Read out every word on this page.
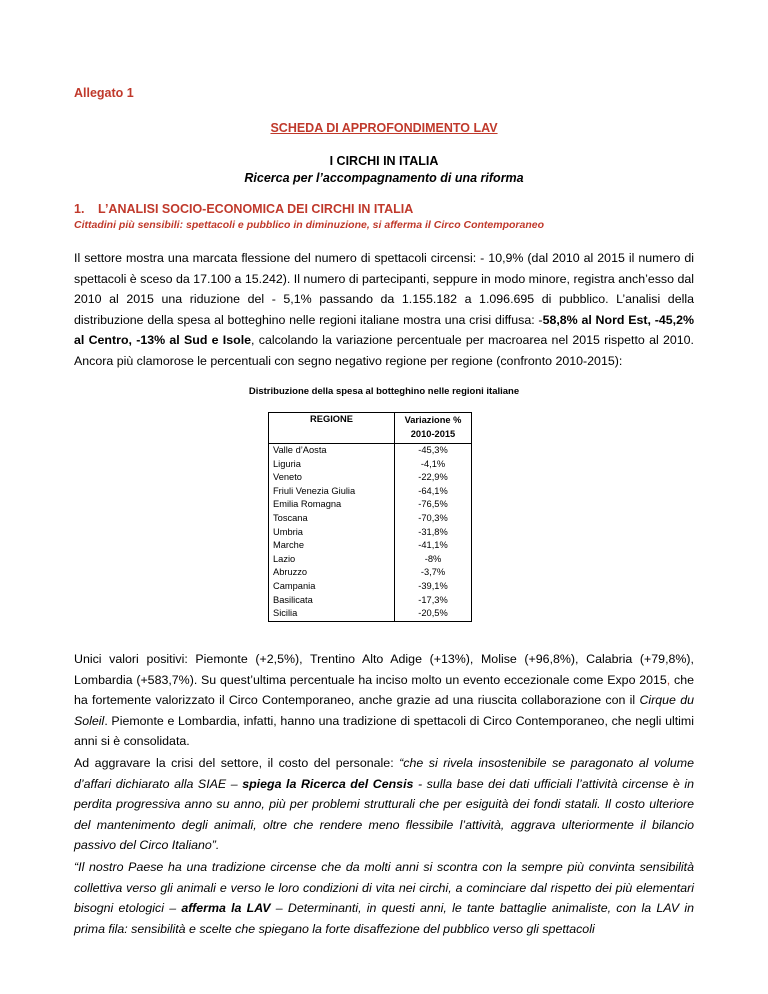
Allegato 1
SCHEDA DI APPROFONDIMENTO LAV
I CIRCHI IN ITALIA
Ricerca per l’accompagnamento di una riforma
1. L’ANALISI SOCIO-ECONOMICA DEI CIRCHI IN ITALIA
Cittadini più sensibili: spettacoli e pubblico in diminuzione, si afferma il Circo Contemporaneo

Il settore mostra una marcata flessione del numero di spettacoli circensi: - 10,9% (dal 2010 al 2015 il numero di spettacoli è sceso da 17.100 a 15.242). Il numero di partecipanti, seppure in modo minore, registra anch’esso dal 2010 al 2015 una riduzione del - 5,1% passando da 1.155.182 a 1.096.695 di pubblico. L’analisi della distribuzione della spesa al botteghino nelle regioni italiane mostra una crisi diffusa: -58,8% al Nord Est, -45,2% al Centro, -13% al Sud e Isole, calcolando la variazione percentuale per macroarea nel 2015 rispetto al 2010. Ancora più clamorose le percentuali con segno negativo regione per regione (confronto 2010-2015):

Distribuzione della spesa al botteghino nelle regioni italiane
REGIONE	Variazione % 2010-2015
Valle d’Aosta	-45,3%
Liguria	-4,1%
Veneto	-22,9%
Friuli Venezia Giulia	-64,1%
Emilia Romagna	-76,5%
Toscana	-70,3%
Umbria	-31,8%
Marche	-41,1%
Lazio	-8%
Abruzzo	-3,7%
Campania	-39,1%
Basilicata	-17,3%
Sicilia	-20,5%

Unici valori positivi: Piemonte (+2,5%), Trentino Alto Adige (+13%), Molise (+96,8%), Calabria (+79,8%), Lombardia (+583,7%). Su quest’ultima percentuale ha inciso molto un evento eccezionale come Expo 2015, che ha fortemente valorizzato il Circo Contemporaneo, anche grazie ad una riuscita collaborazione con il Cirque du Soleil. Piemonte e Lombardia, infatti, hanno una tradizione di spettacoli di Circo Contemporaneo, che negli ultimi anni si è consolidata.

Ad aggravare la crisi del settore, il costo del personale: “che si rivela insostenibile se paragonato al volume d’affari dichiarato alla SIAE – spiega la Ricerca del Censis - sulla base dei dati ufficiali l’attività circense è in perdita progressiva anno su anno, più per problemi strutturali che per esiguità dei fondi statali. Il costo ulteriore del mantenimento degli animali, oltre che rendere meno flessibile l’attività, aggrava ulteriormente il bilancio passivo del Circo Italiano”.

“Il nostro Paese ha una tradizione circense che da molti anni si scontra con la sempre più convinta sensibilità collettiva verso gli animali e verso le loro condizioni di vita nei circhi, a cominciare dal rispetto dei più elementari bisogni etologici – afferma la LAV – Determinanti, in questi anni, le tante battaglie animaliste, con la LAV in prima fila: sensibilità e scelte che spiegano la forte disaffezione del pubblico verso gli spettacoli
